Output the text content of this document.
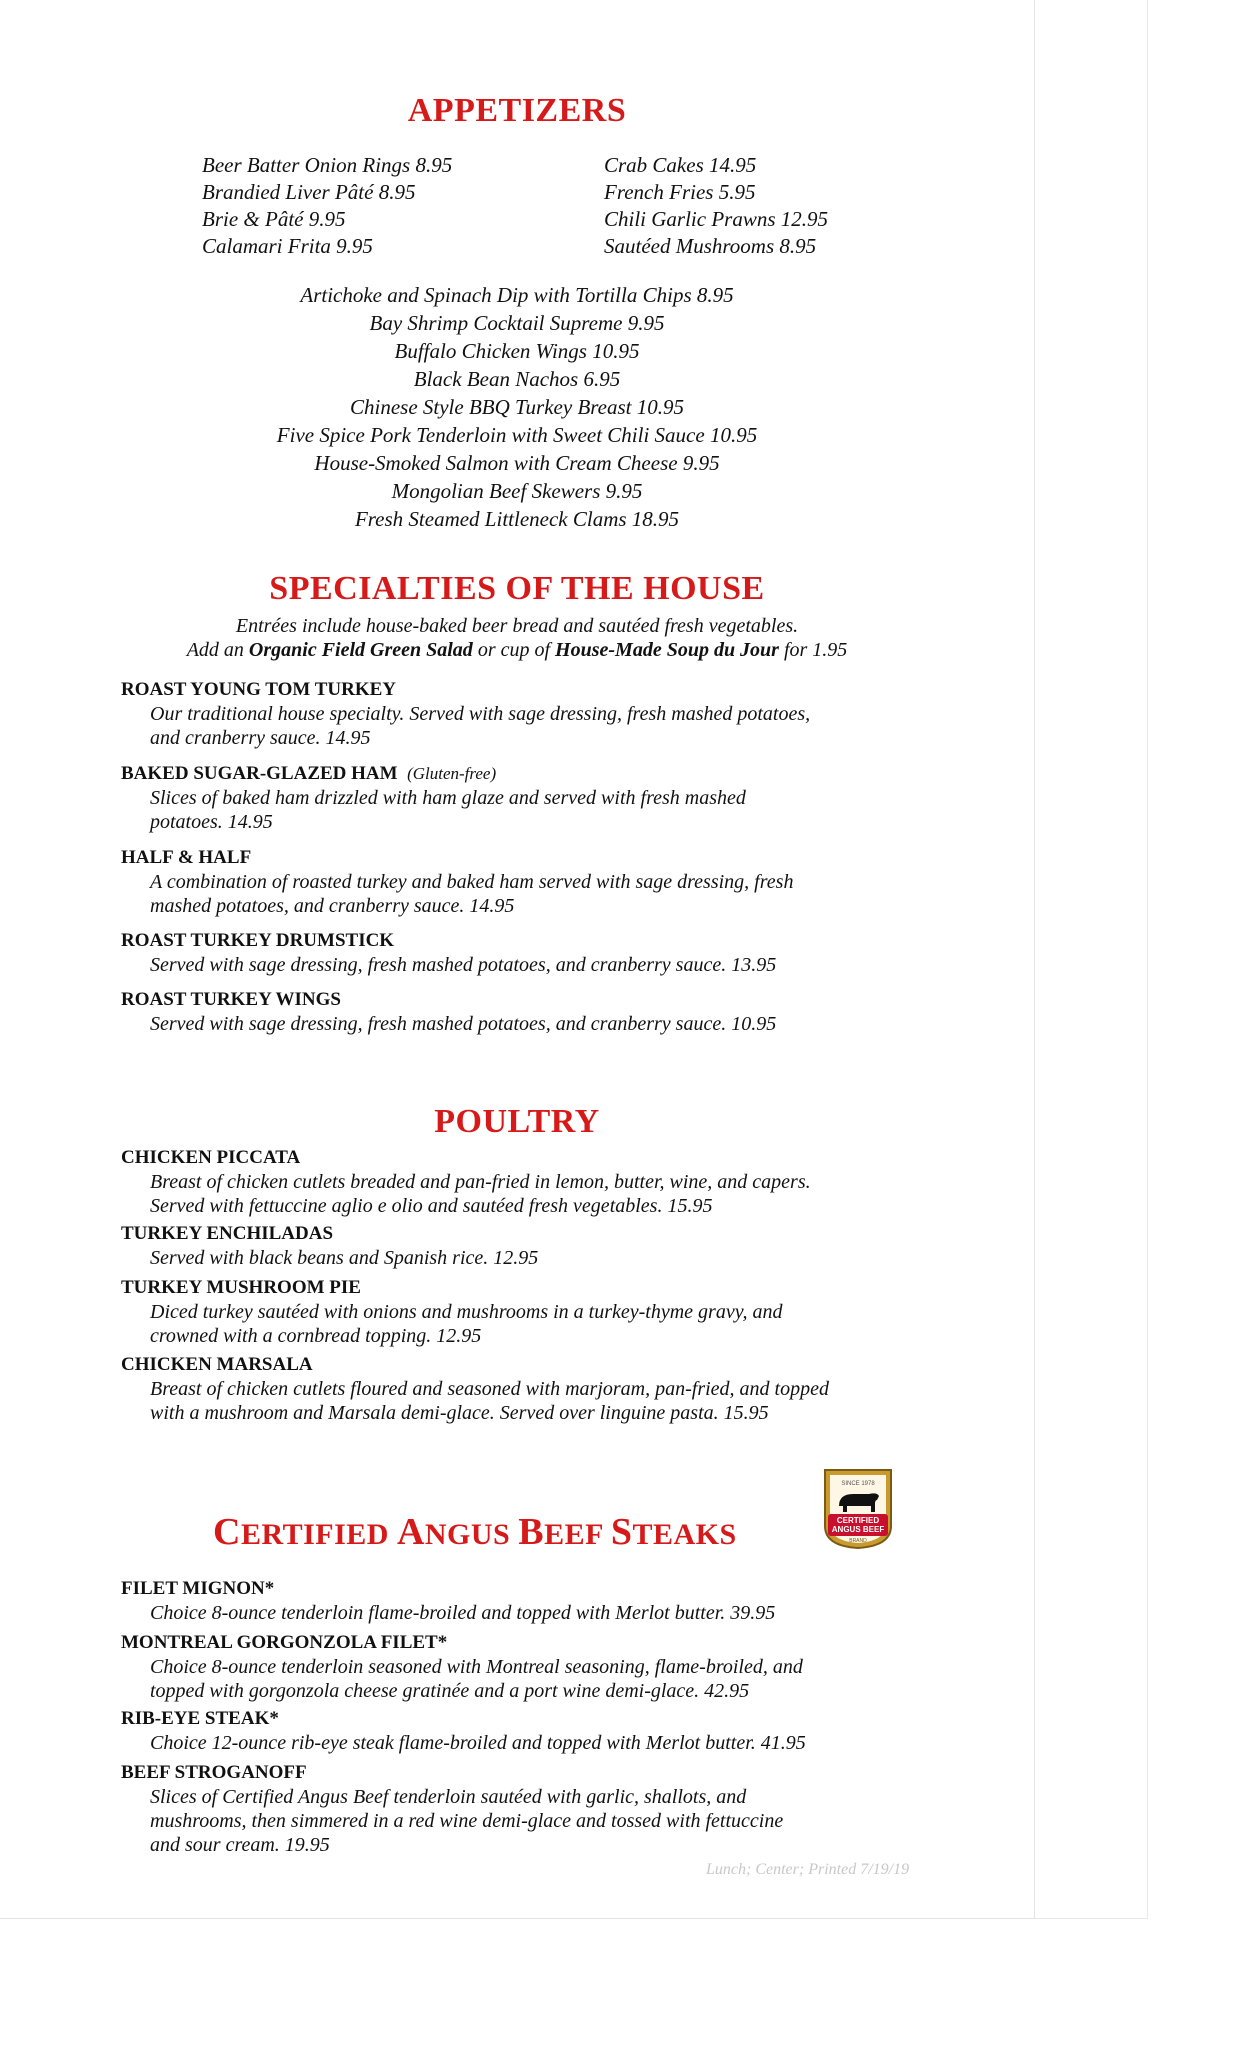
APPETIZERS
Beer Batter Onion Rings 8.95
Brandied Liver Pâté 8.95
Brie & Pâté 9.95
Calamari Frita 9.95
Crab Cakes 14.95
French Fries 5.95
Chili Garlic Prawns 12.95
Sautéed Mushrooms 8.95
Artichoke and Spinach Dip with Tortilla Chips 8.95
Bay Shrimp Cocktail Supreme 9.95
Buffalo Chicken Wings 10.95
Black Bean Nachos 6.95
Chinese Style BBQ Turkey Breast 10.95
Five Spice Pork Tenderloin with Sweet Chili Sauce 10.95
House-Smoked Salmon with Cream Cheese 9.95
Mongolian Beef Skewers 9.95
Fresh Steamed Littleneck Clams 18.95
SPECIALTIES OF THE HOUSE
Entrées include house-baked beer bread and sautéed fresh vegetables.
Add an Organic Field Green Salad or cup of House-Made Soup du Jour for 1.95
ROAST YOUNG TOM TURKEY
Our traditional house specialty. Served with sage dressing, fresh mashed potatoes,
and cranberry sauce. 14.95
BAKED SUGAR-GLAZED HAM (Gluten-free)
Slices of baked ham drizzled with ham glaze and served with fresh mashed
potatoes. 14.95
HALF & HALF
A combination of roasted turkey and baked ham served with sage dressing, fresh
mashed potatoes, and cranberry sauce. 14.95
ROAST TURKEY DRUMSTICK
Served with sage dressing, fresh mashed potatoes, and cranberry sauce. 13.95
ROAST TURKEY WINGS
Served with sage dressing, fresh mashed potatoes, and cranberry sauce. 10.95
POULTRY
CHICKEN PICCATA
Breast of chicken cutlets breaded and pan-fried in lemon, butter, wine, and capers.
Served with fettuccine aglio e olio and sautéed fresh vegetables. 15.95
TURKEY ENCHILADAS
Served with black beans and Spanish rice. 12.95
TURKEY MUSHROOM PIE
Diced turkey sautéed with onions and mushrooms in a turkey-thyme gravy, and
crowned with a cornbread topping. 12.95
CHICKEN MARSALA
Breast of chicken cutlets floured and seasoned with marjoram, pan-fried, and topped
with a mushroom and Marsala demi-glace. Served over linguine pasta. 15.95
CERTIFIED ANGUS BEEF STEAKS
SINCE 1978
CERTIFIED
ANGUS BEEF
BRAND
FILET MIGNON*
Choice 8-ounce tenderloin flame-broiled and topped with Merlot butter. 39.95
MONTREAL GORGONZOLA FILET*
Choice 8-ounce tenderloin seasoned with Montreal seasoning, flame-broiled, and
topped with gorgonzola cheese gratinée and a port wine demi-glace. 42.95
RIB-EYE STEAK*
Choice 12-ounce rib-eye steak flame-broiled and topped with Merlot butter. 41.95
BEEF STROGANOFF
Slices of Certified Angus Beef tenderloin sautéed with garlic, shallots, and
mushrooms, then simmered in a red wine demi-glace and tossed with fettuccine
and sour cream. 19.95
Lunch; Center; Printed 7/19/19
